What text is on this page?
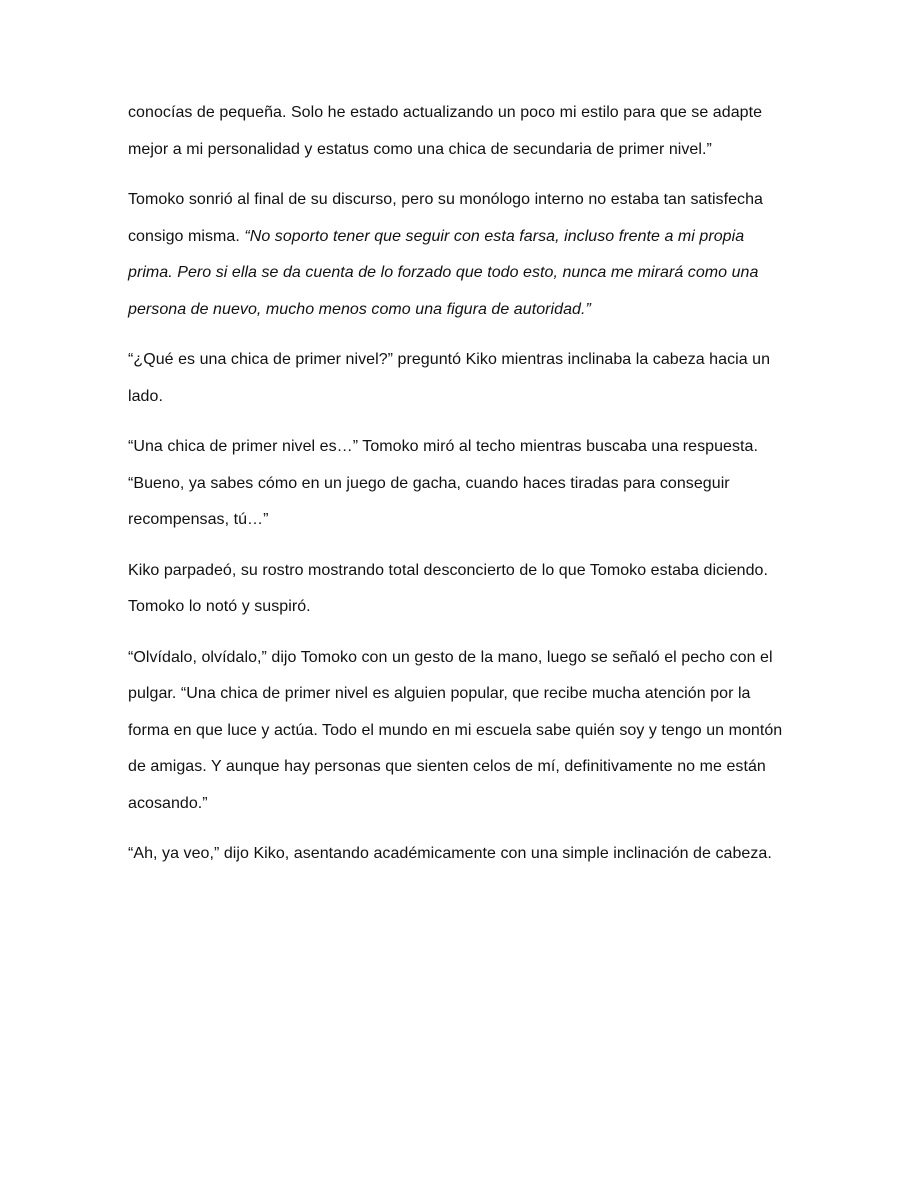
conocías de pequeña. Solo he estado actualizando un poco mi estilo para que se adapte mejor a mi personalidad y estatus como una chica de secundaria de primer nivel.”

Tomoko sonrió al final de su discurso, pero su monólogo interno no estaba tan satisfecha consigo misma. “No soporto tener que seguir con esta farsa, incluso frente a mi propia prima. Pero si ella se da cuenta de lo forzado que todo esto, nunca me mirará como una persona de nuevo, mucho menos como una figura de autoridad.”

“¿Qué es una chica de primer nivel?” preguntó Kiko mientras inclinaba la cabeza hacia un lado.

“Una chica de primer nivel es…” Tomoko miró al techo mientras buscaba una respuesta. “Bueno, ya sabes cómo en un juego de gacha, cuando haces tiradas para conseguir recompensas, tú…”

Kiko parpadeó, su rostro mostrando total desconcierto de lo que Tomoko estaba diciendo. Tomoko lo notó y suspiró.

“Olvídalo, olvídalo,” dijo Tomoko con un gesto de la mano, luego se señaló el pecho con el pulgar. “Una chica de primer nivel es alguien popular, que recibe mucha atención por la forma en que luce y actúa. Todo el mundo en mi escuela sabe quién soy y tengo un montón de amigas. Y aunque hay personas que sienten celos de mí, definitivamente no me están acosando.”

“Ah, ya veo,” dijo Kiko, asentando académicamente con una simple inclinación de cabeza.
